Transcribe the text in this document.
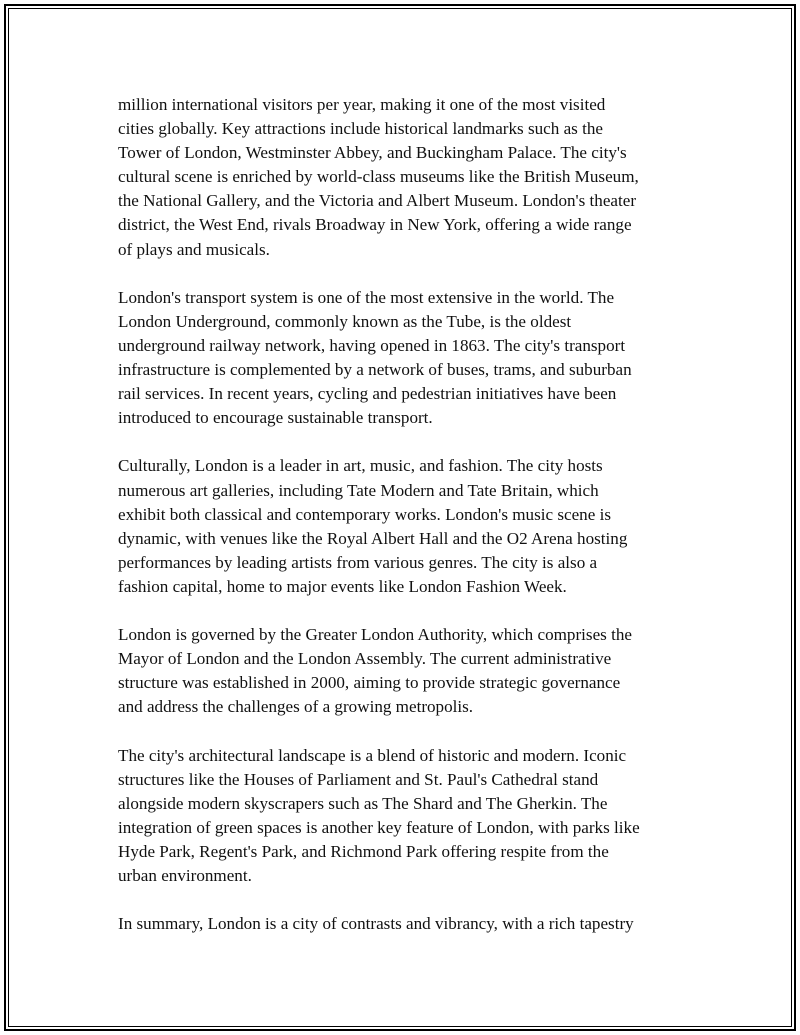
million international visitors per year, making it one of the most visited
cities globally. Key attractions include historical landmarks such as the
Tower of London, Westminster Abbey, and Buckingham Palace. The city's
cultural scene is enriched by world-class museums like the British Museum,
the National Gallery, and the Victoria and Albert Museum. London's theater
district, the West End, rivals Broadway in New York, offering a wide range
of plays and musicals.

London's transport system is one of the most extensive in the world. The
London Underground, commonly known as the Tube, is the oldest
underground railway network, having opened in 1863. The city's transport
infrastructure is complemented by a network of buses, trams, and suburban
rail services. In recent years, cycling and pedestrian initiatives have been
introduced to encourage sustainable transport.

Culturally, London is a leader in art, music, and fashion. The city hosts
numerous art galleries, including Tate Modern and Tate Britain, which
exhibit both classical and contemporary works. London's music scene is
dynamic, with venues like the Royal Albert Hall and the O2 Arena hosting
performances by leading artists from various genres. The city is also a
fashion capital, home to major events like London Fashion Week.

London is governed by the Greater London Authority, which comprises the
Mayor of London and the London Assembly. The current administrative
structure was established in 2000, aiming to provide strategic governance
and address the challenges of a growing metropolis.

The city's architectural landscape is a blend of historic and modern. Iconic
structures like the Houses of Parliament and St. Paul's Cathedral stand
alongside modern skyscrapers such as The Shard and The Gherkin. The
integration of green spaces is another key feature of London, with parks like
Hyde Park, Regent's Park, and Richmond Park offering respite from the
urban environment.

In summary, London is a city of contrasts and vibrancy, with a rich tapestry
